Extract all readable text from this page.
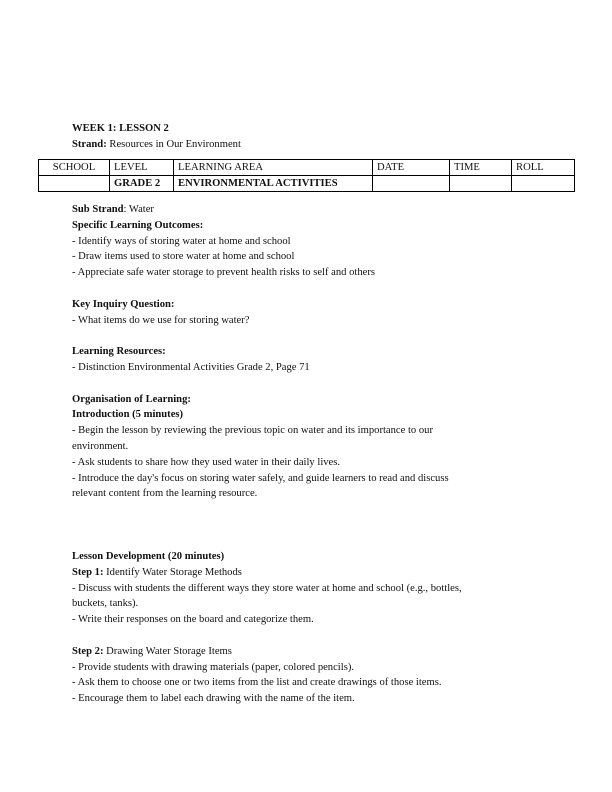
WEEK 1: LESSON 2
Strand: Resources in Our Environment
SCHOOL	LEVEL	LEARNING AREA	DATE	TIME	ROLL
	GRADE 2	ENVIRONMENTAL ACTIVITIES			
Sub Strand: Water
Specific Learning Outcomes:
- Identify ways of storing water at home and school
- Draw items used to store water at home and school
- Appreciate safe water storage to prevent health risks to self and others
Key Inquiry Question:
- What items do we use for storing water?
Learning Resources:
- Distinction Environmental Activities Grade 2, Page 71
Organisation of Learning:
Introduction (5 minutes)
- Begin the lesson by reviewing the previous topic on water and its importance to our
environment.
- Ask students to share how they used water in their daily lives.
- Introduce the day's focus on storing water safely, and guide learners to read and discuss
relevant content from the learning resource.
Lesson Development (20 minutes)
Step 1: Identify Water Storage Methods
- Discuss with students the different ways they store water at home and school (e.g., bottles,
buckets, tanks).
- Write their responses on the board and categorize them.
Step 2: Drawing Water Storage Items
- Provide students with drawing materials (paper, colored pencils).
- Ask them to choose one or two items from the list and create drawings of those items.
- Encourage them to label each drawing with the name of the item.
